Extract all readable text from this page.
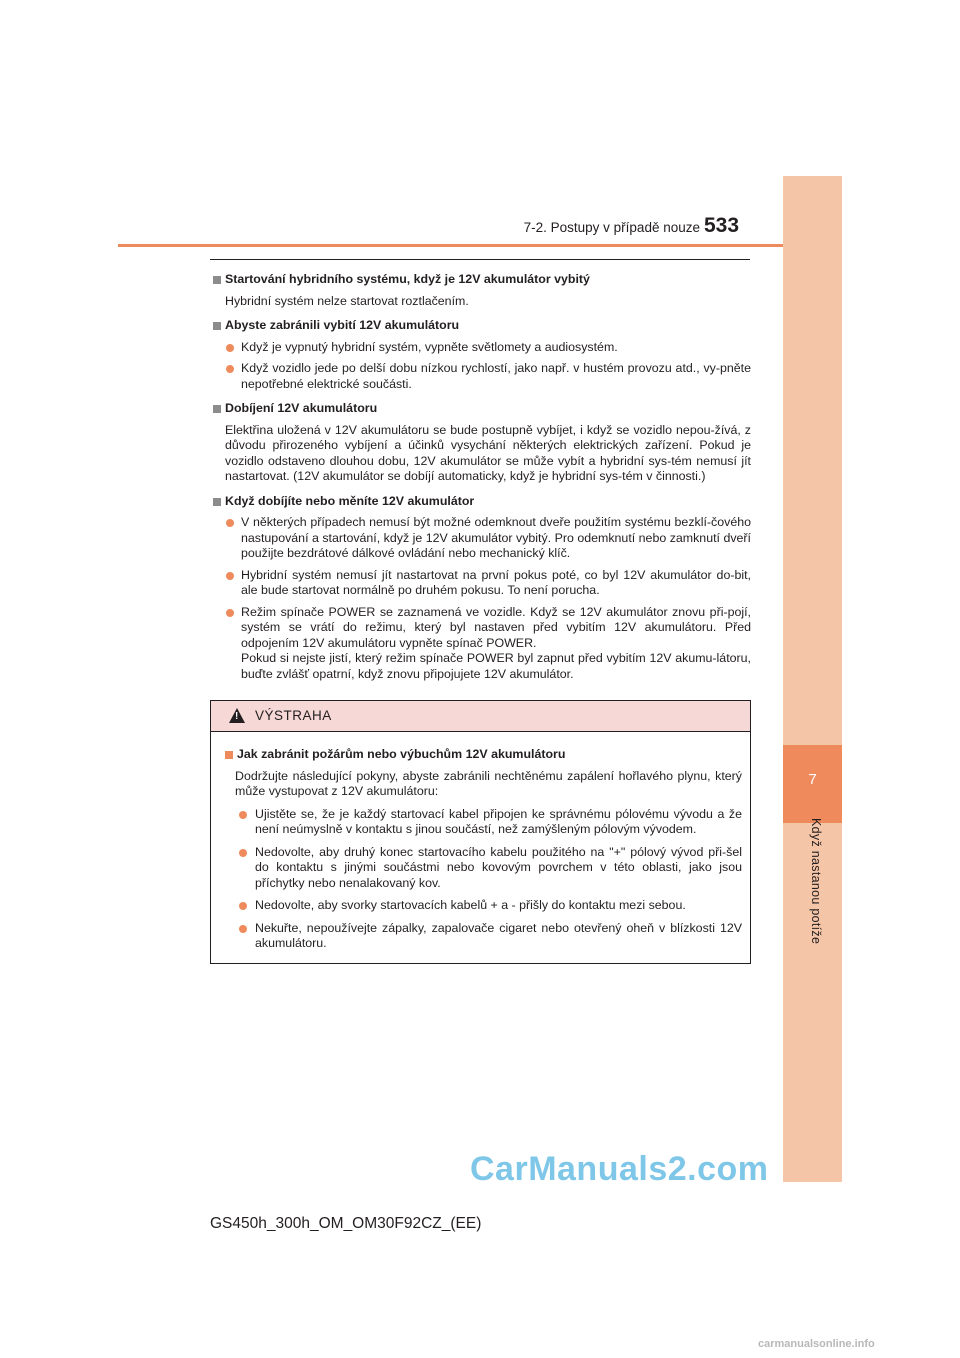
7
Když nastanou potíže
7-2. Postupy v případě nouze 533
Startování hybridního systému, když je 12V akumulátor vybitý
Hybridní systém nelze startovat roztlačením.
Abyste zabránili vybití 12V akumulátoru
Když je vypnutý hybridní systém, vypněte světlomety a audiosystém.
Když vozidlo jede po delší dobu nízkou rychlostí, jako např. v hustém provozu atd., vy-pněte nepotřebné elektrické součásti.
Dobíjení 12V akumulátoru
Elektřina uložená v 12V akumulátoru se bude postupně vybíjet, i když se vozidlo nepou-žívá, z důvodu přirozeného vybíjení a účinků vysychání některých elektrických zařízení. Pokud je vozidlo odstaveno dlouhou dobu, 12V akumulátor se může vybít a hybridní sys-tém nemusí jít nastartovat. (12V akumulátor se dobíjí automaticky, když je hybridní sys-tém v činnosti.)
Když dobíjíte nebo měníte 12V akumulátor
V některých případech nemusí být možné odemknout dveře použitím systému bezklí-čového nastupování a startování, když je 12V akumulátor vybitý. Pro odemknutí nebo zamknutí dveří použijte bezdrátové dálkové ovládání nebo mechanický klíč.
Hybridní systém nemusí jít nastartovat na první pokus poté, co byl 12V akumulátor do-bit, ale bude startovat normálně po druhém pokusu. To není porucha.
Režim spínače POWER se zaznamená ve vozidle. Když se 12V akumulátor znovu při-pojí, systém se vrátí do režimu, který byl nastaven před vybitím 12V akumulátoru. Před odpojením 12V akumulátoru vypněte spínač POWER.
Pokud si nejste jistí, který režim spínače POWER byl zapnut před vybitím 12V akumu-látoru, buďte zvlášť opatrní, když znovu připojujete 12V akumulátor.
!
VÝSTRAHA
Jak zabránit požárům nebo výbuchům 12V akumulátoru
Dodržujte následující pokyny, abyste zabránili nechtěnému zapálení hořlavého plynu, který může vystupovat z 12V akumulátoru:
Ujistěte se, že je každý startovací kabel připojen ke správnému pólovému vývodu a že není neúmyslně v kontaktu s jinou součástí, než zamýšleným pólovým vývodem.
Nedovolte, aby druhý konec startovacího kabelu použitého na "+" pólový vývod při-šel do kontaktu s jinými součástmi nebo kovovým povrchem v této oblasti, jako jsou příchytky nebo nenalakovaný kov.
Nedovolte, aby svorky startovacích kabelů + a - přišly do kontaktu mezi sebou.
Nekuřte, nepoužívejte zápalky, zapalovače cigaret nebo otevřený oheň v blízkosti 12V akumulátoru.
CarManuals2.com
GS450h_300h_OM_OM30F92CZ_(EE)
carmanualsonline.info
